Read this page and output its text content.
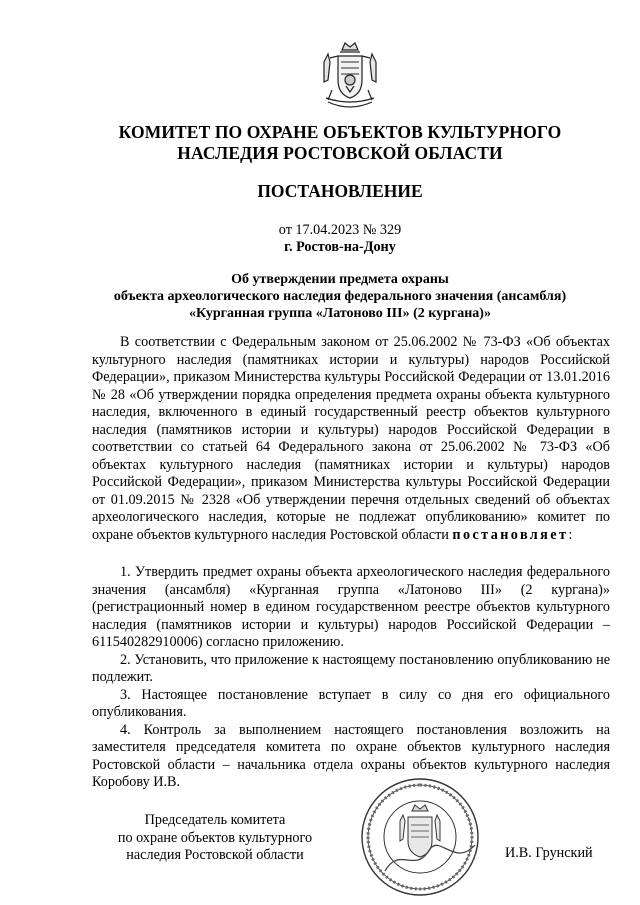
КОМИТЕТ ПО ОХРАНЕ ОБЪЕКТОВ КУЛЬТУРНОГО
НАСЛЕДИЯ РОСТОВСКОЙ ОБЛАСТИ
ПОСТАНОВЛЕНИЕ
от 17.04.2023 № 329
г. Ростов-на-Дону
Об утверждении предмета охраны
объекта археологического наследия федерального значения (ансамбля)
«Курганная группа «Латоново III» (2 кургана)»

В соответствии с Федеральным законом от 25.06.2002 № 73-ФЗ «Об объектах культурного наследия (памятниках истории и культуры) народов Российской Федерации», приказом Министерства культуры Российской Федерации от 13.01.2016 № 28 «Об утверждении порядка определения предмета охраны объекта культурного наследия, включенного в единый государственный реестр объектов культурного наследия (памятников истории и культуры) народов Российской Федерации в соответствии со статьей 64 Федерального закона от 25.06.2002 № 73-ФЗ «Об объектах культурного наследия (памятниках истории и культуры) народов Российской Федерации», приказом Министерства культуры Российской Федерации от 01.09.2015 № 2328 «Об утверждении перечня отдельных сведений об объектах археологического наследия, которые не подлежат опубликованию» комитет по охране объектов культурного наследия Ростовской области постановляет:

1. Утвердить предмет охраны объекта археологического наследия федерального значения (ансамбля) «Курганная группа «Латоново III» (2 кургана)» (регистрационный номер в едином государственном реестре объектов культурного наследия (памятников истории и культуры) народов Российской Федерации – 611540282910006) согласно приложению.

2. Установить, что приложение к настоящему постановлению опубликованию не подлежит.

3. Настоящее постановление вступает в силу со дня его официального опубликования.

4. Контроль за выполнением настоящего постановления возложить на заместителя председателя комитета по охране объектов культурного наследия Ростовской области – начальника отдела охраны объектов культурного наследия Коробову И.В.

Председатель комитета
по охране объектов культурного
наследия Ростовской области	И.В. Грунский
